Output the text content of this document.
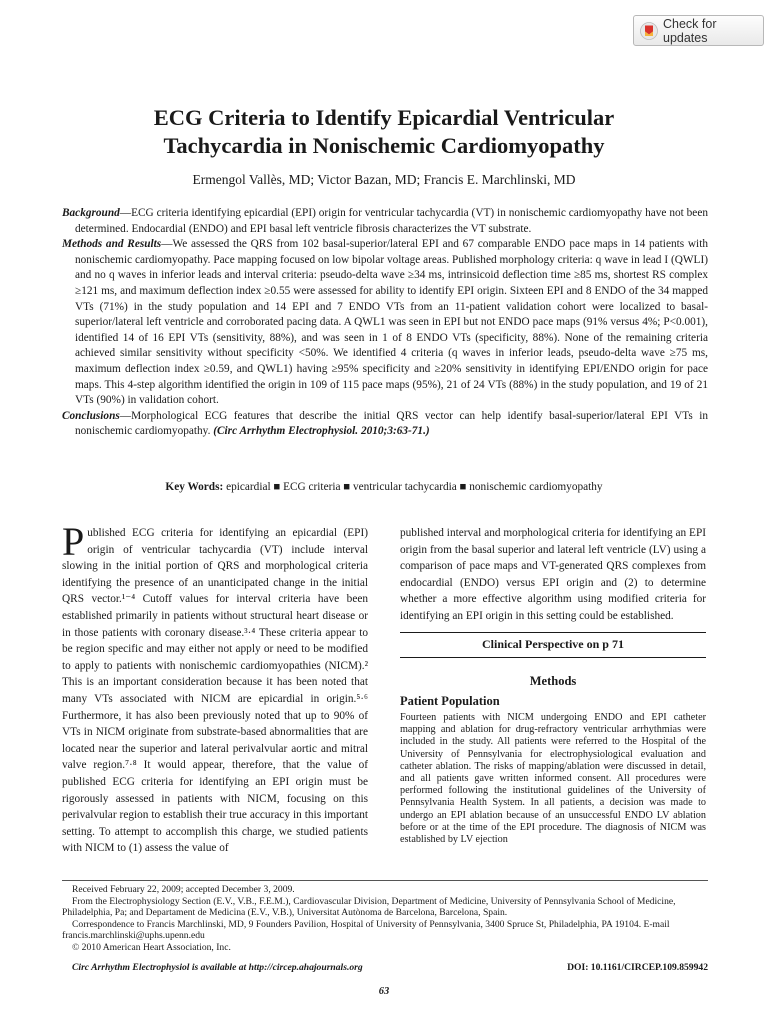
Check for updates
ECG Criteria to Identify Epicardial Ventricular
Tachycardia in Nonischemic Cardiomyopathy
Ermengol Vallès, MD; Victor Bazan, MD; Francis E. Marchlinski, MD

Background—ECG criteria identifying epicardial (EPI) origin for ventricular tachycardia (VT) in nonischemic cardiomyopathy have not been determined. Endocardial (ENDO) and EPI basal left ventricle fibrosis characterizes the VT substrate.

Methods and Results—We assessed the QRS from 102 basal-superior/lateral EPI and 67 comparable ENDO pace maps in 14 patients with nonischemic cardiomyopathy. Pace mapping focused on low bipolar voltage areas. Published morphology criteria: q wave in lead I (QWLI) and no q waves in inferior leads and interval criteria: pseudo-delta wave ≥34 ms, intrinsicoid deflection time ≥85 ms, shortest RS complex ≥121 ms, and maximum deflection index ≥0.55 were assessed for ability to identify EPI origin. Sixteen EPI and 8 ENDO of the 34 mapped VTs (71%) in the study population and 14 EPI and 7 ENDO VTs from an 11-patient validation cohort were localized to basal-superior/lateral left ventricle and corroborated pacing data. A QWL1 was seen in EPI but not ENDO pace maps (91% versus 4%; P<0.001), identified 14 of 16 EPI VTs (sensitivity, 88%), and was seen in 1 of 8 ENDO VTs (specificity, 88%). None of the remaining criteria achieved similar sensitivity without specificity <50%. We identified 4 criteria (q waves in inferior leads, pseudo-delta wave ≥75 ms, maximum deflection index ≥0.59, and QWL1) having ≥95% specificity and ≥20% sensitivity in identifying EPI/ENDO origin for pace maps. This 4-step algorithm identified the origin in 109 of 115 pace maps (95%), 21 of 24 VTs (88%) in the study population, and 19 of 21 VTs (90%) in validation cohort.

Conclusions—Morphological ECG features that describe the initial QRS vector can help identify basal-superior/lateral EPI VTs in nonischemic cardiomyopathy. (Circ Arrhythm Electrophysiol. 2010;3:63-71.)

Key Words: epicardial ■ ECG criteria ■ ventricular tachycardia ■ nonischemic cardiomyopathy

Published ECG criteria for identifying an epicardial (EPI) origin of ventricular tachycardia (VT) include interval slowing in the initial portion of QRS and morphological criteria identifying the presence of an unanticipated change in the initial QRS vector.¹⁻⁴ Cutoff values for interval criteria have been established primarily in patients without structural heart disease or in those patients with coronary disease.³·⁴ These criteria appear to be region specific and may either not apply or need to be modified to apply to patients with nonischemic cardiomyopathies (NICM).² This is an important consideration because it has been noted that many VTs associated with NICM are epicardial in origin.⁵·⁶ Furthermore, it has also been previously noted that up to 90% of VTs in NICM originate from substrate-based abnormalities that are located near the superior and lateral perivalvular aortic and mitral valve region.⁷·⁸ It would appear, therefore, that the value of published ECG criteria for identifying an EPI origin must be rigorously assessed in patients with NICM, focusing on this perivalvular region to establish their true accuracy in this important setting. To attempt to accomplish this charge, we studied patients with NICM to (1) assess the value of

published interval and morphological criteria for identifying an EPI origin from the basal superior and lateral left ventricle (LV) using a comparison of pace maps and VT-generated QRS complexes from endocardial (ENDO) versus EPI origin and (2) to determine whether a more effective algorithm using modified criteria for identifying an EPI origin in this setting could be established.

Clinical Perspective on p 71
Methods
Patient Population
Fourteen patients with NICM undergoing ENDO and EPI catheter mapping and ablation for drug-refractory ventricular arrhythmias were included in the study. All patients were referred to the Hospital of the University of Pennsylvania for electrophysiological evaluation and catheter ablation. The risks of mapping/ablation were discussed in detail, and all patients gave written informed consent. All procedures were performed following the institutional guidelines of the University of Pennsylvania Health System. In all patients, a decision was made to undergo an EPI ablation because of an unsuccessful ENDO LV ablation before or at the time of the EPI procedure. The diagnosis of NICM was established by LV ejection

Received February 22, 2009; accepted December 3, 2009.

From the Electrophysiology Section (E.V., V.B., F.E.M.), Cardiovascular Division, Department of Medicine, University of Pennsylvania School of Medicine, Philadelphia, Pa; and Departament de Medicina (E.V., V.B.), Universitat Autònoma de Barcelona, Barcelona, Spain.

Correspondence to Francis Marchlinski, MD, 9 Founders Pavilion, Hospital of University of Pennsylvania, 3400 Spruce St, Philadelphia, PA 19104. E-mail francis.marchlinski@uphs.upenn.edu

© 2010 American Heart Association, Inc.

Circ Arrhythm Electrophysiol is available at http://circep.ahajournals.org	DOI: 10.1161/CIRCEP.109.859942
63
